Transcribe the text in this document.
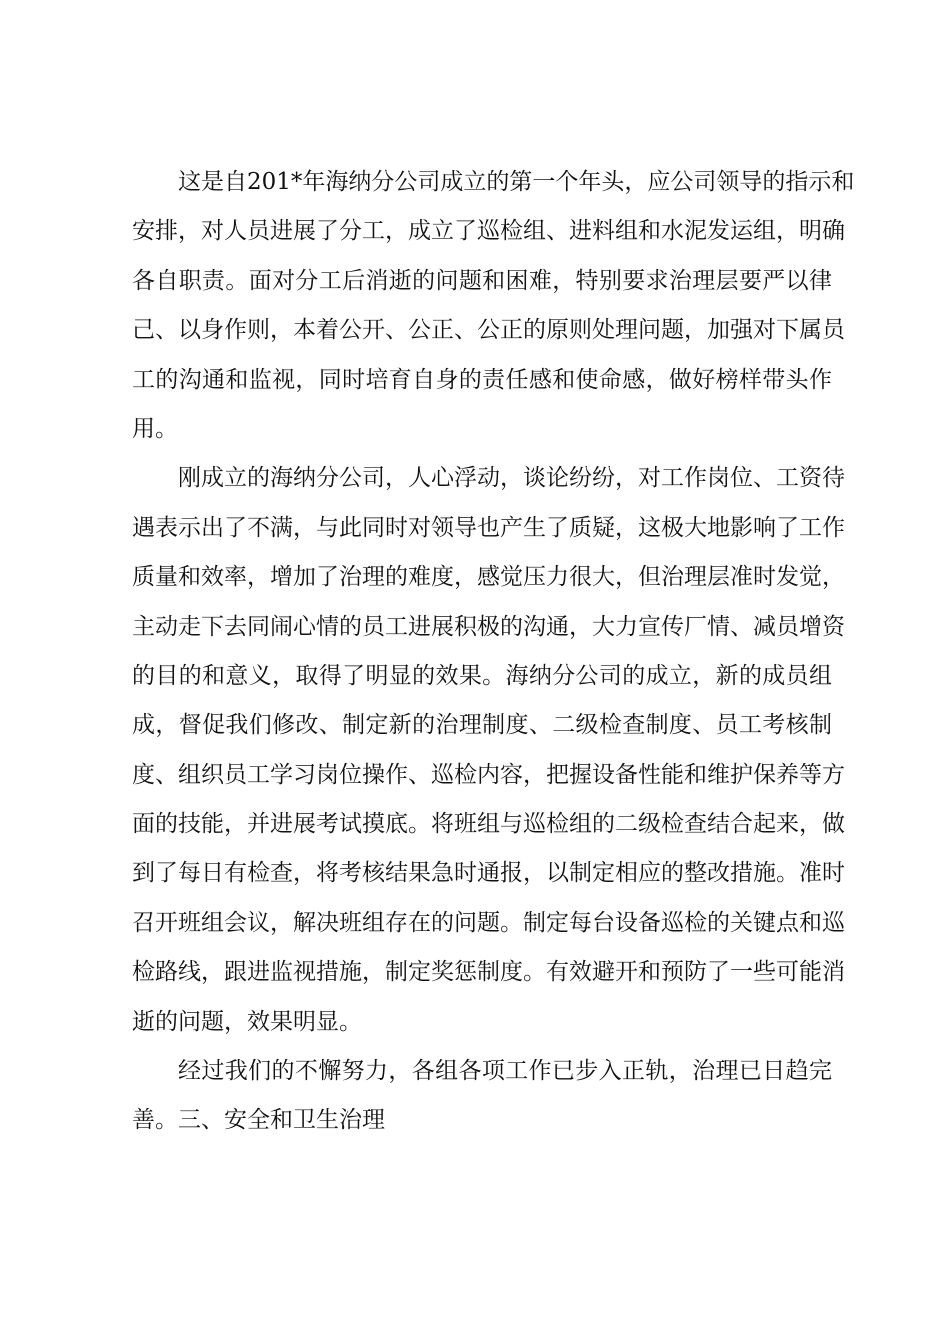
这是自201*年海纳分公司成立的第一个年头，应公司领导的指示和
安排，对人员进展了分工，成立了巡检组、进料组和水泥发运组，明确
各自职责。面对分工后消逝的问题和困难，特别要求治理层要严以律
己、以身作则，本着公开、公正、公正的原则处理问题，加强对下属员
工的沟通和监视，同时培育自身的责任感和使命感，做好榜样带头作
用。
刚成立的海纳分公司，人心浮动，谈论纷纷，对工作岗位、工资待
遇表示出了不满，与此同时对领导也产生了质疑，这极大地影响了工作
质量和效率，增加了治理的难度，感觉压力很大，但治理层准时发觉，
主动走下去同闹心情的员工进展积极的沟通，大力宣传厂情、减员增资
的目的和意义，取得了明显的效果。海纳分公司的成立，新的成员组
成，督促我们修改、制定新的治理制度、二级检查制度、员工考核制
度、组织员工学习岗位操作、巡检内容，把握设备性能和维护保养等方
面的技能，并进展考试摸底。将班组与巡检组的二级检查结合起来，做
到了每日有检查，将考核结果急时通报，以制定相应的整改措施。准时
召开班组会议，解决班组存在的问题。制定每台设备巡检的关键点和巡
检路线，跟进监视措施，制定奖惩制度。有效避开和预防了一些可能消
逝的问题，效果明显。
经过我们的不懈努力，各组各项工作已步入正轨，治理已日趋完
善。三、安全和卫生治理
